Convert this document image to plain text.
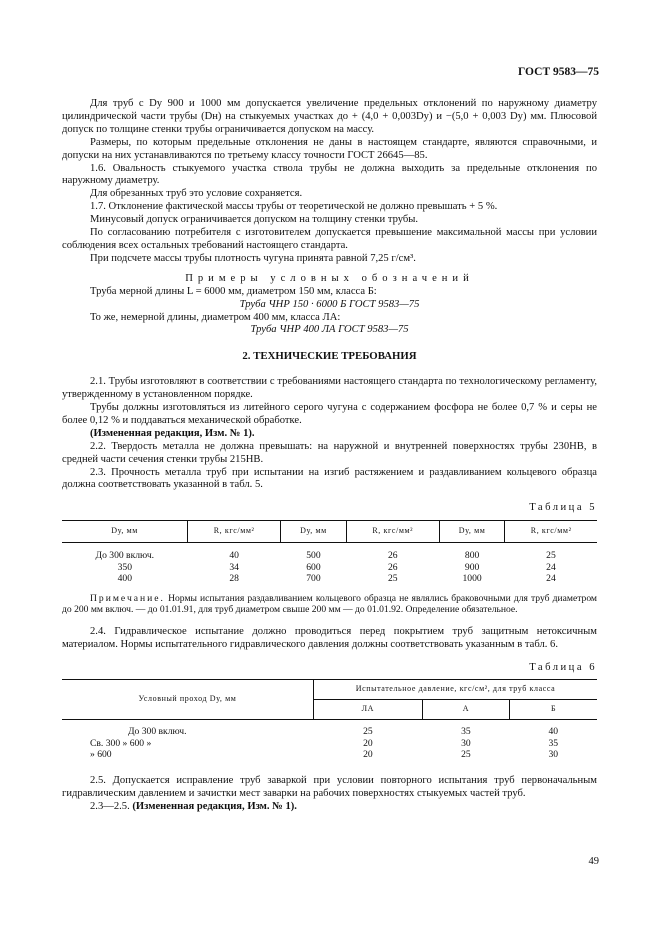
ГОСТ 9583—75

Для труб с Dу 900 и 1000 мм допускается увеличение предельных отклонений по наружному диаметру цилиндрической части трубы (Dн) на стыкуемых участках до + (4,0 + 0,003Dу) и −(5,0 + 0,003 Dу) мм. Плюсовой допуск по толщине стенки трубы ограничивается допуском на массу.

Размеры, по которым предельные отклонения не даны в настоящем стандарте, являются справочными, и допуски на них устанавливаются по третьему классу точности ГОСТ 26645—85.

1.6. Овальность стыкуемого участка ствола трубы не должна выходить за предельные отклонения по наружному диаметру.

Для обрезанных труб это условие сохраняется.

1.7. Отклонение фактической массы трубы от теоретической не должно превышать + 5 %.

Минусовый допуск ограничивается допуском на толщину стенки трубы.

По согласованию потребителя с изготовителем допускается превышение максимальной массы при условии соблюдения всех остальных требований настоящего стандарта.

При подсчете массы трубы плотность чугуна принята равной 7,25 г/см³.

Примеры условных обозначений

Труба мерной длины L = 6000 мм, диаметром 150 мм, класса Б:

Труба ЧНР 150 · 6000 Б ГОСТ 9583—75

То же, немерной длины, диаметром 400 мм, класса ЛА:

Труба ЧНР 400 ЛА ГОСТ 9583—75

2. ТЕХНИЧЕСКИЕ ТРЕБОВАНИЯ

2.1. Трубы изготовляют в соответствии с требованиями настоящего стандарта по технологическому регламенту, утвержденному в установленном порядке.

Трубы должны изготовляться из литейного серого чугуна с содержанием фосфора не более 0,7 % и серы не более 0,12 % и поддаваться механической обработке.

(Измененная редакция, Изм. № 1).

2.2. Твердость металла не должна превышать: на наружной и внутренней поверхностях трубы 230НВ, в средней части сечения стенки трубы 215НВ.

2.3. Прочность металла труб при испытании на изгиб растяжением и раздавливанием кольцевого образца должна соответствовать указанной в табл. 5.

Таблица 5

Dу, мм	R, кгс/мм²	Dу, мм	R, кгс/мм²	Dу, мм	R, кгс/мм²
До 300 включ.	40	500	26	800	25
350	34	600	26	900	24
400	28	700	25	1000	24

Примечание. Нормы испытания раздавливанием кольцевого образца не являлись браковочными для труб диаметром до 200 мм включ. — до 01.01.91, для труб диаметром свыше 200 мм — до 01.01.92. Определение обязательное.

2.4. Гидравлическое испытание должно проводиться перед покрытием труб защитным нетоксичным материалом. Нормы испытательного гидравлического давления должны соответствовать указанным в табл. 6.

Таблица 6

Условный проход Dу, мм	Испытательное давление, кгс/см², для труб класса		
	ЛА	А	Б
До 300 включ.	25	35	40
Св. 300 » 600 »	20	30	35
» 600	20	25	30

2.5. Допускается исправление труб заваркой при условии повторного испытания труб первоначальным гидравлическим давлением и зачистки мест заварки на рабочих поверхностях стыкуемых частей труб.

2.3—2.5. (Измененная редакция, Изм. № 1).

49
